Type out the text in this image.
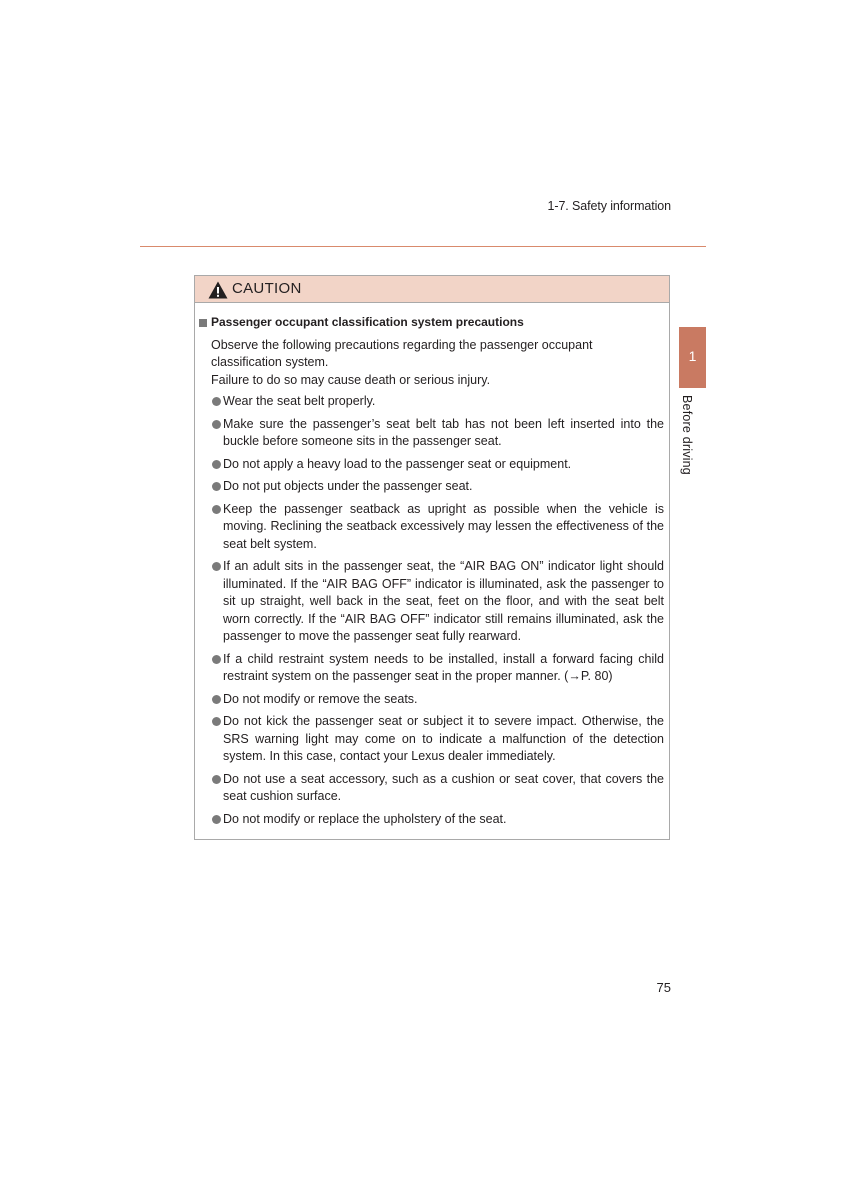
1-7. Safety information
1
Before driving
CAUTION
Passenger occupant classification system precautions

Observe the following precautions regarding the passenger occupant classification system.

Failure to do so may cause death or serious injury.

Wear the seat belt properly.
Make sure the passenger’s seat belt tab has not been left inserted into the buckle before someone sits in the passenger seat.
Do not apply a heavy load to the passenger seat or equipment.
Do not put objects under the passenger seat.
Keep the passenger seatback as upright as possible when the vehicle is moving. Reclining the seatback excessively may lessen the effectiveness of the seat belt system.
If an adult sits in the passenger seat, the “AIR BAG ON” indicator light should illuminated. If the “AIR BAG OFF” indicator is illuminated, ask the passenger to sit up straight, well back in the seat, feet on the floor, and with the seat belt worn correctly. If the “AIR BAG OFF” indicator still remains illuminated, ask the passenger to move the passenger seat fully rearward.
If a child restraint system needs to be installed, install a forward facing child restraint system on the passenger seat in the proper manner. (→P. 80)
Do not modify or remove the seats.
Do not kick the passenger seat or subject it to severe impact. Otherwise, the SRS warning light may come on to indicate a malfunction of the detection system. In this case, contact your Lexus dealer immediately.
Do not use a seat accessory, such as a cushion or seat cover, that covers the seat cushion surface.
Do not modify or replace the upholstery of the seat.
75
